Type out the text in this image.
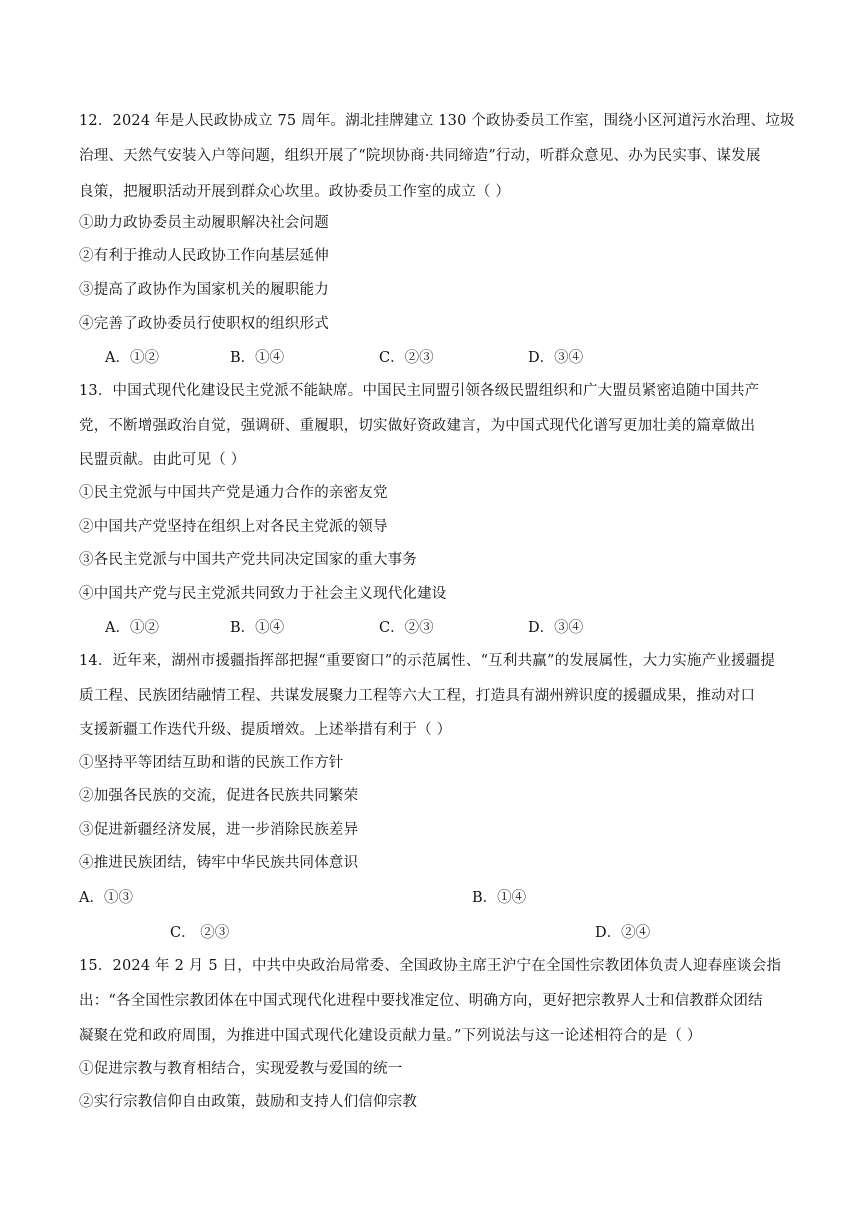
12．2024 年是人民政协成立 75 周年。湖北挂牌建立 130 个政协委员工作室，围绕小区河道污水治理、垃圾
治理、天然气安装入户等问题，组织开展了“院坝协商·共同缔造”行动，听群众意见、办为民实事、谋发展
良策，把履职活动开展到群众心坎里。政协委员工作室的成立（ ）
①助力政协委员主动履职解决社会问题
②有利于推动人民政协工作向基层延伸
③提高了政协作为国家机关的履职能力
④完善了政协委员行使职权的组织形式
A．①②	B．①④	C．②③	D．③④
13．中国式现代化建设民主党派不能缺席。中国民主同盟引领各级民盟组织和广大盟员紧密追随中国共产
党，不断增强政治自觉，强调研、重履职，切实做好资政建言，为中国式现代化谱写更加壮美的篇章做出
民盟贡献。由此可见（ ）
①民主党派与中国共产党是通力合作的亲密友党
②中国共产党坚持在组织上对各民主党派的领导
③各民主党派与中国共产党共同决定国家的重大事务
④中国共产党与民主党派共同致力于社会主义现代化建设
A．①②	B．①④	C．②③	D．③④
14．近年来，湖州市援疆指挥部把握“重要窗口”的示范属性、“互利共赢”的发展属性，大力实施产业援疆提
质工程、民族团结融情工程、共谋发展聚力工程等六大工程，打造具有湖州辨识度的援疆成果，推动对口
支援新疆工作迭代升级、提质增效。上述举措有利于（ ）
①坚持平等团结互助和谐的民族工作方针
②加强各民族的交流，促进各民族共同繁荣
③促进新疆经济发展，进一步消除民族差异
④推进民族团结，铸牢中华民族共同体意识
A．①③	B．①④
C． ②③	D．②④
15．2024 年 2 月 5 日，中共中央政治局常委、全国政协主席王沪宁在全国性宗教团体负责人迎春座谈会指
出：“各全国性宗教团体在中国式现代化进程中要找准定位、明确方向，更好把宗教界人士和信教群众团结
凝聚在党和政府周围，为推进中国式现代化建设贡献力量。”下列说法与这一论述相符合的是（ ）
①促进宗教与教育相结合，实现爱教与爱国的统一
②实行宗教信仰自由政策，鼓励和支持人们信仰宗教
